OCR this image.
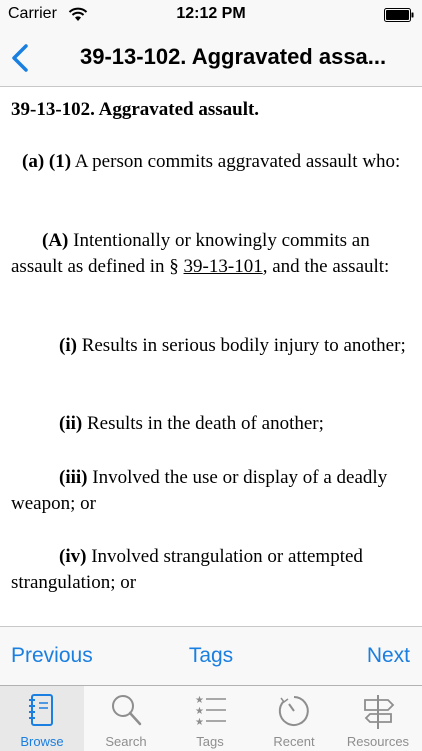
Carrier	12:12 PM
39-13-102. Aggravated assa...
39-13-102. Aggravated assault.
(a) (1) A person commits aggravated assault who:
(A) Intentionally or knowingly commits an assault as defined in § 39-13-101, and the assault:
(i) Results in serious bodily injury to another;
(ii) Results in the death of another;
(iii) Involved the use or display of a deadly weapon; or
(iv) Involved strangulation or attempted strangulation; or
Previous	Tags	Next
Browse	Search
★
★
★
Tags	Recent	Resources
